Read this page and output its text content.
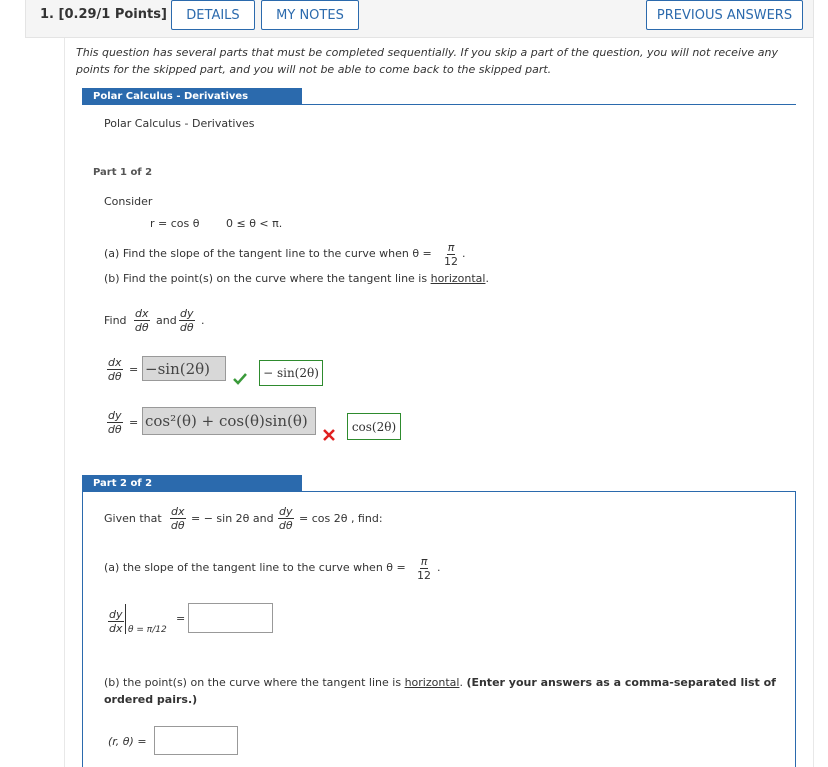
1. [0.29/1 Points]	DETAILS	MY NOTES	PREVIOUS ANSWERS
This question has several parts that must be completed sequentially. If you skip a part of the question, you will not receive any points for the skipped part, and you will not be able to come back to the skipped part.
Polar Calculus - Derivatives
Polar Calculus - Derivatives
Part 1 of 2
Consider
r = cos θ 0 ≤ θ < π.
(a) Find the slope of the tangent line to the curve when $\theta = \frac{\pi}{12}$ .
(b) Find the point(s) on the curve where the tangent line is horizontal.
Find $\frac{dx}{d\theta}$ and $\frac{dy}{d\theta}$ .
$\frac{dx}{d\theta} = -\sin(2\theta)$	− sin(2θ)
$\frac{dy}{d\theta} = \cos^2(\theta) + \cos(\theta)\sin(\theta)$	cos(2θ)
Part 2 of 2
Given that $\frac{dx}{d\theta}$ = − sin 2θ and $\frac{dy}{d\theta} = \cos 2\theta$ , find:
(a) the slope of the tangent line to the curve when $\theta = \frac{\pi}{12}$ .
$\frac{dy}{dx}$ θ = π/12
=
(b) the point(s) on the curve where the tangent line is horizontal. (Enter your answers as a comma-separated list of ordered pairs.)
(r, θ) =
